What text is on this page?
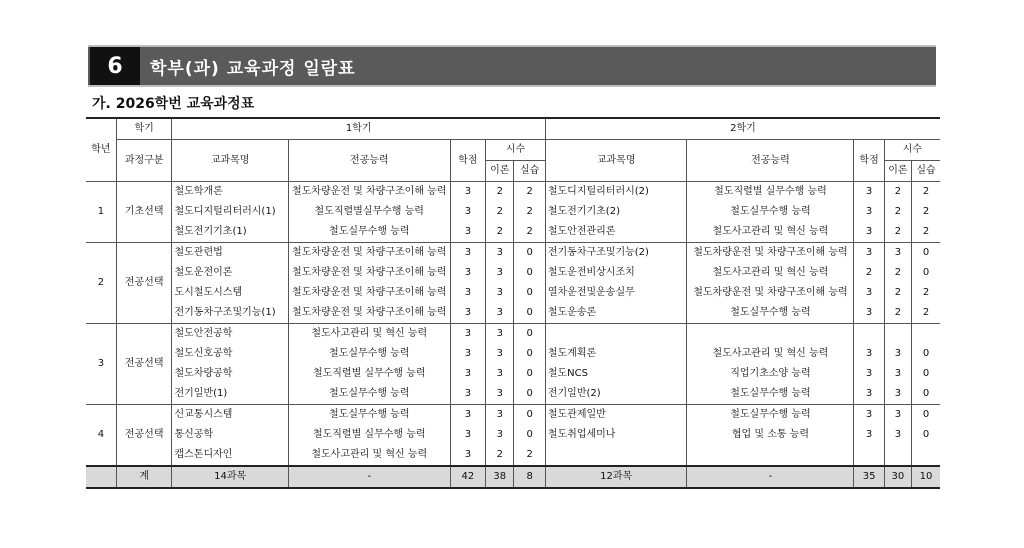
6	학부(과) 교육과정 일람표
가. 2026학번 교육과정표
학년	학기	1학기					2학기				
	과정구분	교과목명	전공능력	학점	시수		교과목명	전공능력	학점	시수	
					이론	실습				이론	실습
1	기초선택	철도학개론	철도차량운전 및 차량구조이해 능력	3	2	2	철도디지털리터러시(2)	철도직렬별 실무수행 능력	3	2	2
		철도디지털리터러시(1)	철도직렬별실무수행 능력	3	2	2	철도전기기초(2)	철도실무수행 능력	3	2	2
		철도전기기초(1)	철도실무수행 능력	3	2	2	철도안전관리론	철도사고관리 및 혁신 능력	3	2	2
2	전공선택	철도관련법	철도차량운전 및 차량구조이해 능력	3	3	0	전기동차구조및기능(2)	철도차량운전 및 차량구조이해 능력	3	3	0
		철도운전이론	철도차량운전 및 차량구조이해 능력	3	3	0	철도운전비상시조치	철도사고관리 및 혁신 능력	2	2	0
		도시철도시스템	철도차량운전 및 차량구조이해 능력	3	3	0	열차운전및운송실무	철도차량운전 및 차량구조이해 능력	3	2	2
		전기동차구조및기능(1)	철도차량운전 및 차량구조이해 능력	3	3	0	철도운송론	철도실무수행 능력	3	2	2
3	전공선택	철도안전공학	철도사고관리 및 혁신 능력	3	3	0					
		철도신호공학	철도실무수행 능력	3	3	0	철도계획론	철도사고관리 및 혁신 능력	3	3	0
		철도차량공학	철도직렬별 실무수행 능력	3	3	0	철도NCS	직업기초소양 능력	3	3	0
		전기일반(1)	철도실무수행 능력	3	3	0	전기일반(2)	철도실무수행 능력	3	3	0
4	전공선택	신교통시스템	철도실무수행 능력	3	3	0	철도관제일반	철도실무수행 능력	3	3	0
		통신공학	철도직렬별 실무수행 능력	3	3	0	철도취업세미나	협업 및 소통 능력	3	3	0
		캡스톤디자인	철도사고관리 및 혁신 능력	3	2	2					
	계	14과목	-	42	38	8	12과목	-	35	30	10
